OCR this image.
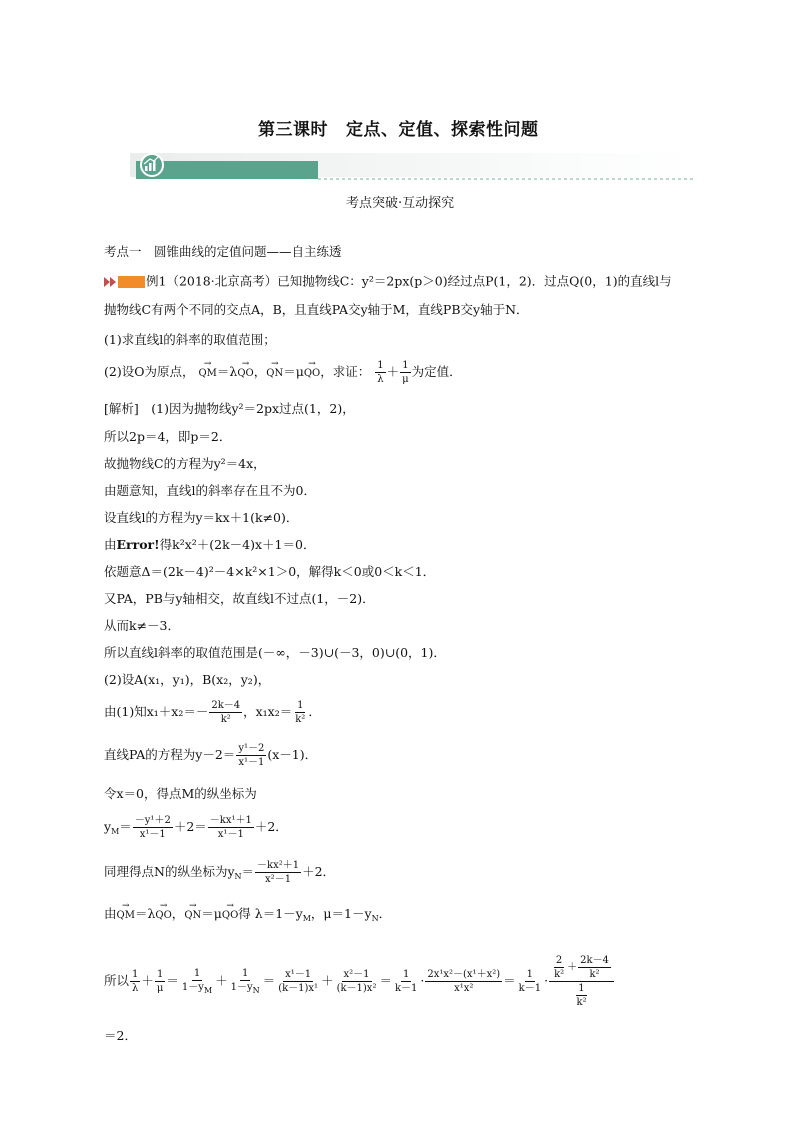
第三课时 定点、定值、探索性问题
考点突破·互动探究
考点一　圆锥曲线的定值问题——自主练透
例1（2018·北京高考）已知抛物线C：y²＝2px(p＞0)经过点P(1，2)．过点Q(0，1)的直线l与
抛物线C有两个不同的交点A，B，且直线PA交y轴于M，直线PB交y轴于N．
(1)求直线l的斜率的取值范围；
(2)设O为原点， → QM＝λ→ QO，→ QN＝μ→ QO，求证： $\frac{1}{\lambda} + \frac{1}{\mu}$ 为定值．
[解析]　(1)因为抛物线y²＝2px过点(1，2)，
所以2p＝4，即p＝2．
故抛物线C的方程为y²＝4x，
由题意知，直线l的斜率存在且不为0．
设直线l的方程为y＝kx＋1(k≠0)．
由Error!得k²x²＋(2k－4)x＋1＝0．
依题意Δ＝(2k－4)²－4×k²×1＞0，解得k＜0或0＜k＜1．
又PA，PB与y轴相交，故直线l不过点(1，－2)．
从而k≠－3．
所以直线l斜率的取值范围是(－∞，－3)∪(－3，0)∪(0，1)．
(2)设A(x₁，y₁)，B(x₂，y₂)，
由(1)知$x_1+x_2=- \frac{2k-4}{\text{k²}}$ ，$x_1x_2= \frac{1}{\text{k²}}$ ．
直线PA的方程为$y-2= \frac{\text{y¹－2}}{\text{x¹－1}} (x-1)$．
令x＝0，得点M的纵坐标为
$y_M= \frac{\text{－y¹＋2}}{\text{x¹－1}} +2= \frac{\text{－kx¹＋1}}{\text{x¹－1}} +2$．
同理得点N的纵坐标为$y_N= \frac{\text{－kx²＋1}}{\text{x²－1}} +2$．
由→ QM＝λ→ QO，→ QN＝μ→ QO得 $\lambda=1-y_M$，$\mu=1-y_N$．
所以 $\frac{1}{\lambda} + \frac{1}{\mu} = \frac{1}{1-y_M} + \frac{1}{1-y_N} = \frac{\text{x¹－1}}{\text{(k－1)x¹}} + \frac{\text{x²－1}}{\text{(k－1)x²}} = \frac{1}{k-1} \cdot \frac{\text{2x¹x²－(x¹＋x²)}}{\text{x¹x²}} = \frac{1}{k-1} \cdot \frac{\frac{2}{\text{k²}} + \frac{2k-4}{\text{k²}}}{\frac{1}{\text{k²}}}$
＝2．
